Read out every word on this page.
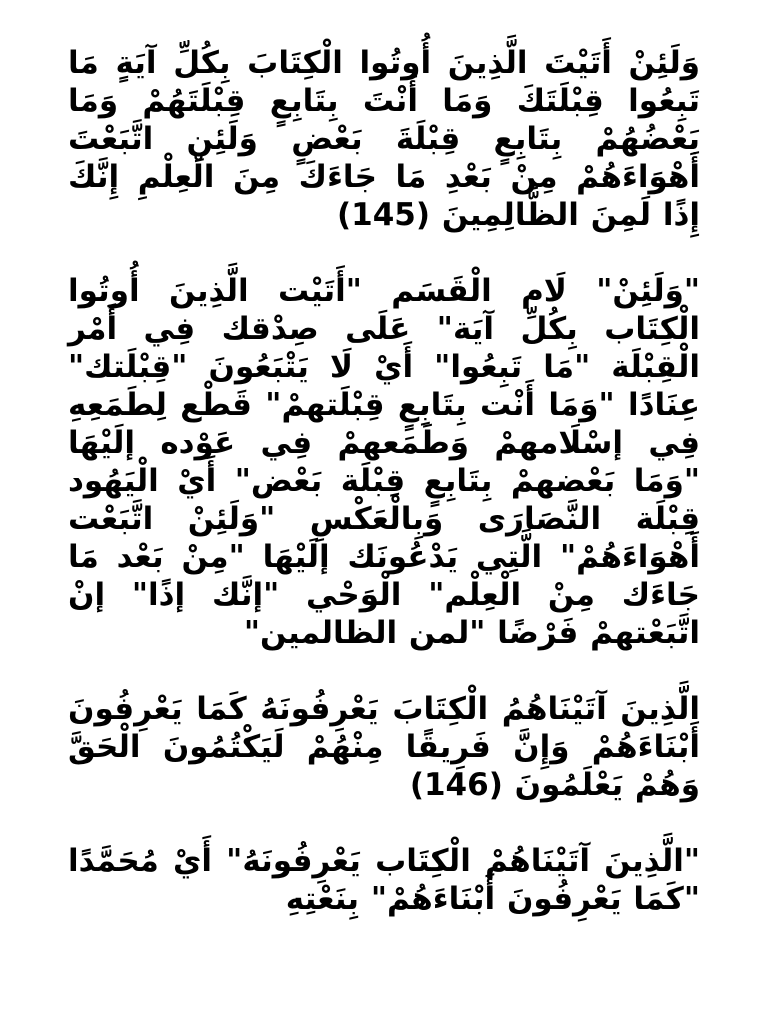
وَلَئِنْ أَتَيْتَ الَّذِينَ أُوتُوا الْكِتَابَ بِكُلِّ آيَةٍ مَا تَبِعُوا قِبْلَتَكَ وَمَا أَنْتَ بِتَابِعٍ قِبْلَتَهُمْ وَمَا بَعْضُهُمْ بِتَابِعٍ قِبْلَةَ بَعْضٍ وَلَئِنِ اتَّبَعْتَ أَهْوَاءَهُمْ مِنْ بَعْدِ مَا جَاءَكَ مِنَ الْعِلْمِ إِنَّكَ إِذًا لَمِنَ الظَّالِمِينَ (145)

"وَلَئِنْ" لَام الْقَسَم "أَتَيْت الَّذِينَ أُوتُوا الْكِتَاب بِكُلِّ آيَة" عَلَى صِدْقك فِي أَمْر الْقِبْلَة "مَا تَبِعُوا" أَيْ لَا يَتْبَعُونَ "قِبْلَتك" عِنَادًا "وَمَا أَنْت بِتَابِعٍ قِبْلَتهمْ" قَطْع لِطَمَعِهِ فِي إسْلَامهمْ وَطَمَعهمْ فِي عَوْده إلَيْهَا "وَمَا بَعْضهمْ بِتَابِعٍ قِبْلَة بَعْض" أَيْ الْيَهُود قِبْلَة النَّصَارَى وَبِالْعَكْسِ "وَلَئِنْ اتَّبَعْت أَهْوَاءَهُمْ" الَّتِي يَدْعُونَك إلَيْهَا "مِنْ بَعْد مَا جَاءَك مِنْ الْعِلْم" الْوَحْي "إنَّك إذًا" إنْ اتَّبَعْتهمْ فَرْضًا "لمن الظالمين"

الَّذِينَ آتَيْنَاهُمُ الْكِتَابَ يَعْرِفُونَهُ كَمَا يَعْرِفُونَ أَبْنَاءَهُمْ وَإِنَّ فَرِيقًا مِنْهُمْ لَيَكْتُمُونَ الْحَقَّ وَهُمْ يَعْلَمُونَ (146)

"الَّذِينَ آتَيْنَاهُمْ الْكِتَاب يَعْرِفُونَهُ" أَيْ مُحَمَّدًا "كَمَا يَعْرِفُونَ أَبْنَاءَهُمْ" بِنَعْتِهِ
